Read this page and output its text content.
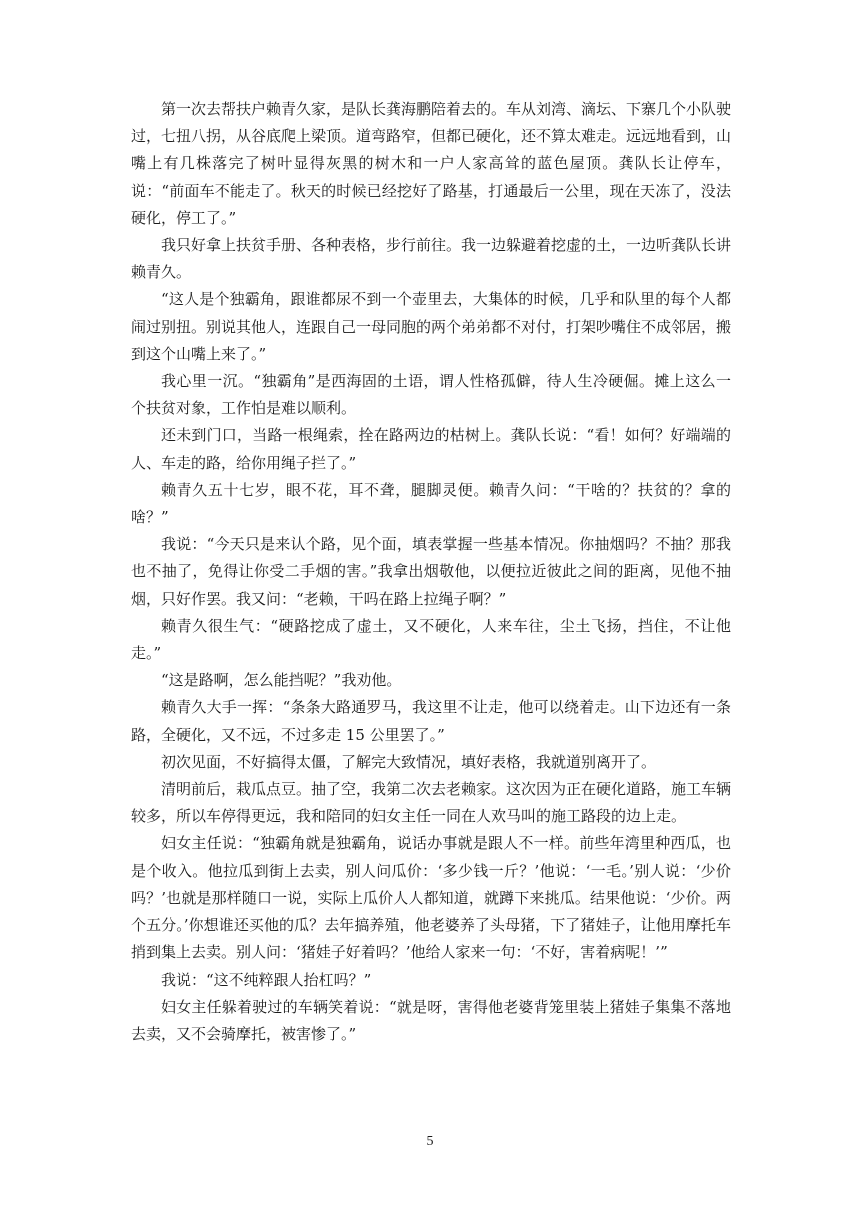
第一次去帮扶户赖青久家，是队长龚海鹏陪着去的。车从刘湾、滴坛、下寨几个小队驶过，七扭八拐，从谷底爬上梁顶。道弯路窄，但都已硬化，还不算太难走。远远地看到，山嘴上有几株落完了树叶显得灰黑的树木和一户人家高耸的蓝色屋顶。龚队长让停车，说：“前面车不能走了。秋天的时候已经挖好了路基，打通最后一公里，现在天冻了，没法硬化，停工了。”

我只好拿上扶贫手册、各种表格，步行前往。我一边躲避着挖虚的土，一边听龚队长讲赖青久。

“这人是个独霸角，跟谁都尿不到一个壶里去，大集体的时候，几乎和队里的每个人都闹过别扭。别说其他人，连跟自己一母同胞的两个弟弟都不对付，打架吵嘴住不成邻居，搬到这个山嘴上来了。”

我心里一沉。“独霸角”是西海固的土语，谓人性格孤僻，待人生冷硬倔。摊上这么一个扶贫对象，工作怕是难以顺利。

还未到门口，当路一根绳索，拴在路两边的枯树上。龚队长说：“看！如何？好端端的人、车走的路，给你用绳子拦了。”

赖青久五十七岁，眼不花，耳不聋，腿脚灵便。赖青久问：“干啥的？扶贫的？拿的啥？”

我说：“今天只是来认个路，见个面，填表掌握一些基本情况。你抽烟吗？不抽？那我也不抽了，免得让你受二手烟的害。”我拿出烟敬他，以便拉近彼此之间的距离，见他不抽烟，只好作罢。我又问：“老赖，干吗在路上拉绳子啊？”

赖青久很生气：“硬路挖成了虚土，又不硬化，人来车往，尘土飞扬，挡住，不让他走。”

“这是路啊，怎么能挡呢？”我劝他。

赖青久大手一挥：“条条大路通罗马，我这里不让走，他可以绕着走。山下边还有一条路，全硬化，又不远，不过多走 15 公里罢了。”

初次见面，不好搞得太僵，了解完大致情况，填好表格，我就道别离开了。

清明前后，栽瓜点豆。抽了空，我第二次去老赖家。这次因为正在硬化道路，施工车辆较多，所以车停得更远，我和陪同的妇女主任一同在人欢马叫的施工路段的边上走。

妇女主任说：“独霸角就是独霸角，说话办事就是跟人不一样。前些年湾里种西瓜，也是个收入。他拉瓜到街上去卖，别人问瓜价：‘多少钱一斤？’他说：‘一毛。’别人说：‘少价吗？’也就是那样随口一说，实际上瓜价人人都知道，就蹲下来挑瓜。结果他说：‘少价。两个五分。’你想谁还买他的瓜？去年搞养殖，他老婆养了头母猪，下了猪娃子，让他用摩托车捎到集上去卖。别人问：‘猪娃子好着吗？’他给人家来一句：‘不好，害着病呢！’”

我说：“这不纯粹跟人抬杠吗？”

妇女主任躲着驶过的车辆笑着说：“就是呀，害得他老婆背笼里装上猪娃子集集不落地去卖，又不会骑摩托，被害惨了。”

5
